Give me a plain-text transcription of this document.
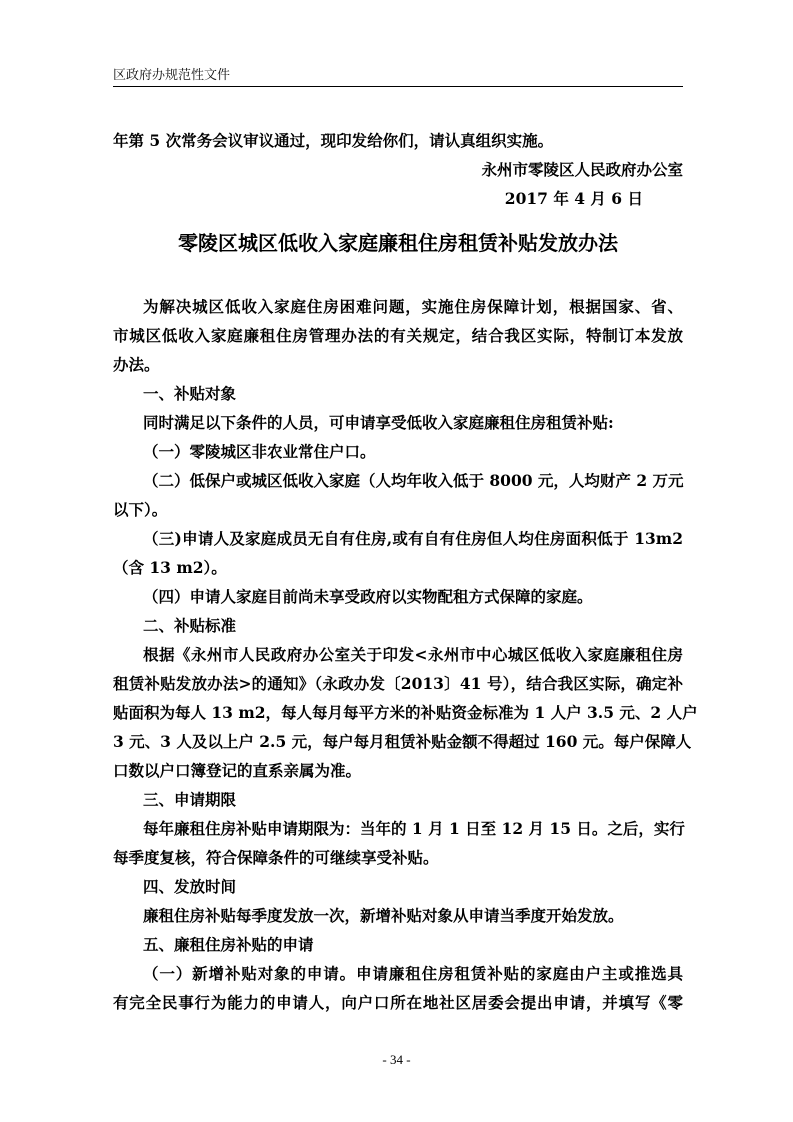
区政府办规范性文件
年第 5 次常务会议审议通过，现印发给你们，请认真组织实施。
永州市零陵区人民政府办公室
2017 年 4 月 6 日
零陵区城区低收入家庭廉租住房租赁补贴发放办法
为解决城区低收入家庭住房困难问题，实施住房保障计划，根据国家、省、
市城区低收入家庭廉租住房管理办法的有关规定，结合我区实际，特制订本发放
办法。
一、补贴对象
同时满足以下条件的人员，可申请享受低收入家庭廉租住房租赁补贴:
（一）零陵城区非农业常住户口。
（二）低保户或城区低收入家庭（人均年收入低于 8000 元，人均财产 2 万元
以下）。
（三)申请人及家庭成员无自有住房,或有自有住房但人均住房面积低于 13m2
（含 13 m2）。
（四）申请人家庭目前尚未享受政府以实物配租方式保障的家庭。
二、补贴标准
根据《永州市人民政府办公室关于印发<永州市中心城区低收入家庭廉租住房
租赁补贴发放办法>的通知》（永政办发〔2013〕41 号），结合我区实际，确定补
贴面积为每人 13 m2，每人每月每平方米的补贴资金标准为 1 人户 3.5 元、2 人户
3 元、3 人及以上户 2.5 元，每户每月租赁补贴金额不得超过 160 元。每户保障人
口数以户口簿登记的直系亲属为准。
三、申请期限
每年廉租住房补贴申请期限为：当年的 1 月 1 日至 12 月 15 日。之后，实行
每季度复核，符合保障条件的可继续享受补贴。
四、发放时间
廉租住房补贴每季度发放一次，新增补贴对象从申请当季度开始发放。
五、廉租住房补贴的申请
（一）新增补贴对象的申请。申请廉租住房租赁补贴的家庭由户主或推选具
有完全民事行为能力的申请人，向户口所在地社区居委会提出申请，并填写《零
- 34 -
